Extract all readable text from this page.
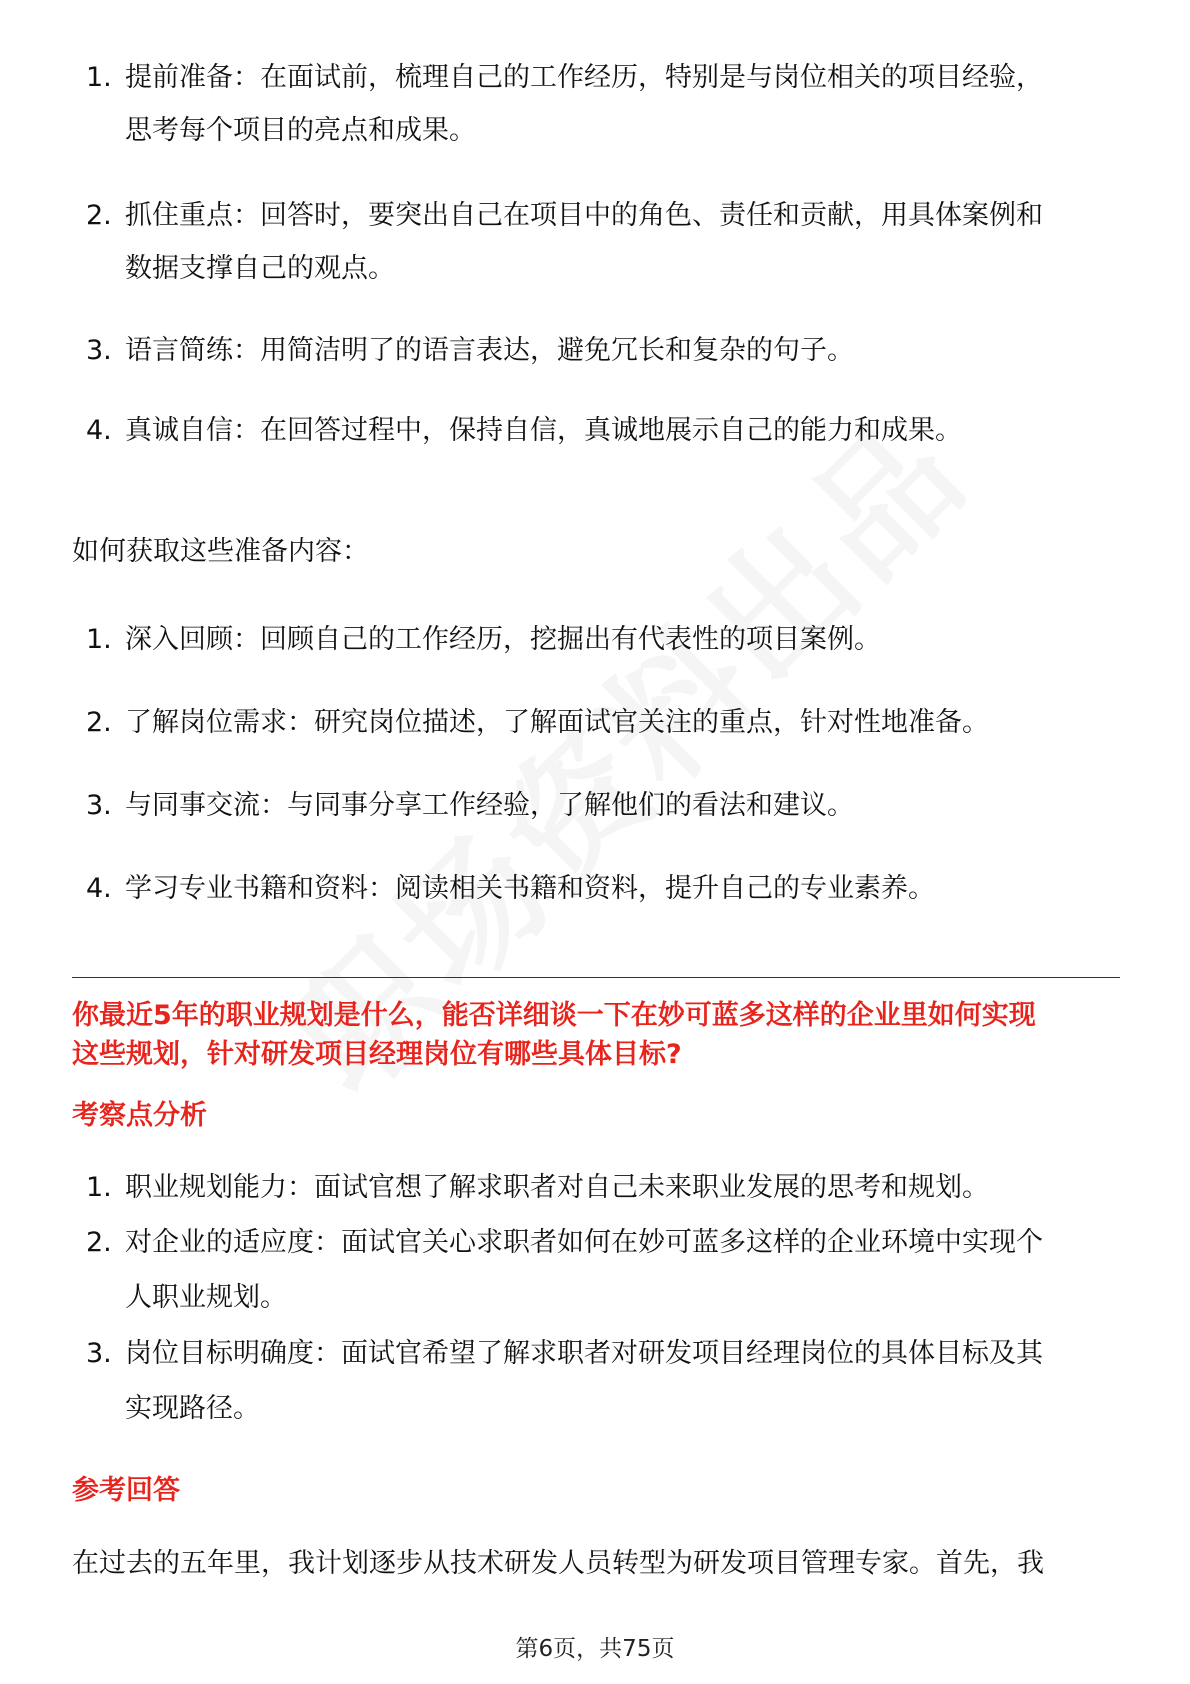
1. 提前准备：在面试前，梳理自己的工作经历，特别是与岗位相关的项目经验，
思考每个项目的亮点和成果。
2. 抓住重点：回答时，要突出自己在项目中的角色、责任和贡献，用具体案例和
数据支撑自己的观点。
3. 语言简练：用简洁明了的语言表达，避免冗长和复杂的句子。
4. 真诚自信：在回答过程中，保持自信，真诚地展示自己的能力和成果。
如何获取这些准备内容：
1. 深入回顾：回顾自己的工作经历，挖掘出有代表性的项目案例。
2. 了解岗位需求：研究岗位描述，了解面试官关注的重点，针对性地准备。
3. 与同事交流：与同事分享工作经验，了解他们的看法和建议。
4. 学习专业书籍和资料：阅读相关书籍和资料，提升自己的专业素养。
你最近5年的职业规划是什么，能否详细谈一下在妙可蓝多这样的企业里如何实现
这些规划，针对研发项目经理岗位有哪些具体目标?
考察点分析
1. 职业规划能力：面试官想了解求职者对自己未来职业发展的思考和规划。
2. 对企业的适应度：面试官关心求职者如何在妙可蓝多这样的企业环境中实现个
人职业规划。
3. 岗位目标明确度：面试官希望了解求职者对研发项目经理岗位的具体目标及其
实现路径。
参考回答
在过去的五年里，我计划逐步从技术研发人员转型为研发项目管理专家。首先，我
第6页，共75页
